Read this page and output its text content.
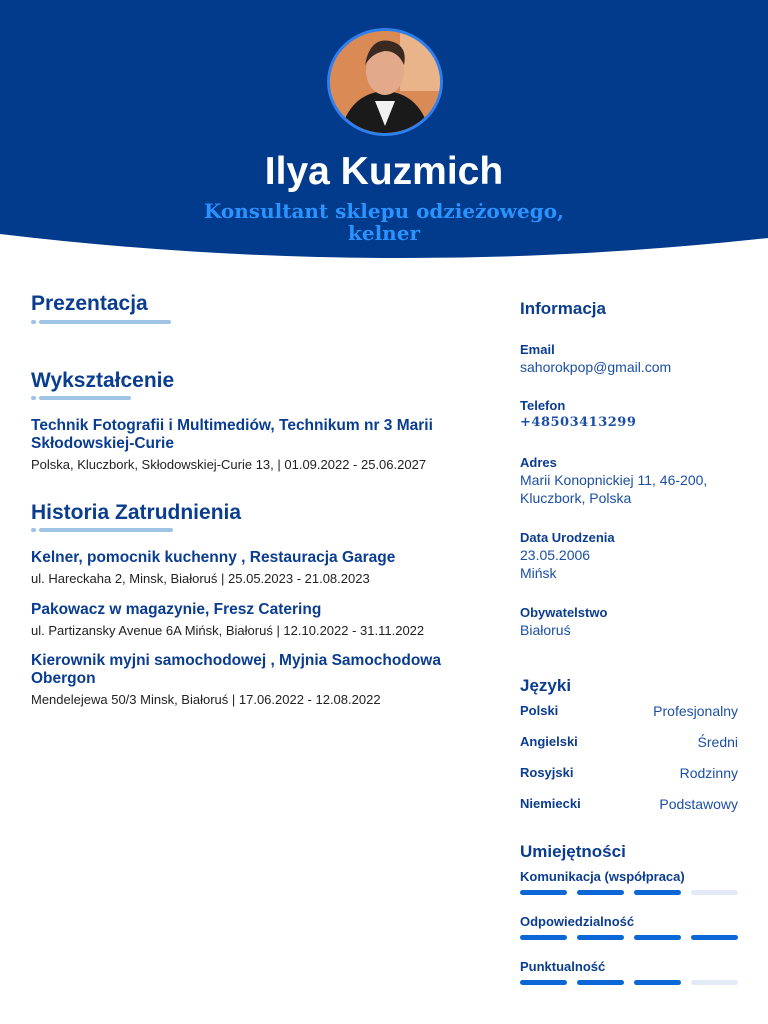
Ilya Kuzmich
Konsultant sklepu odzieżowego, kelner
Prezentacja
Wykształcenie
Technik Fotografii i Multimediów, Technikum nr 3 Marii Skłodowskiej-Curie
Polska, Kluczbork, Skłodowskiej-Curie 13, | 01.09.2022 - 25.06.2027
Historia Zatrudnienia
Kelner, pomocnik kuchenny , Restauracja Garage
ul. Hareckaha 2, Minsk, Białoruś | 25.05.2023 - 21.08.2023
Pakowacz w magazynie, Fresz Catering
ul. Partizansky Avenue 6A Mińsk, Białoruś | 12.10.2022 - 31.11.2022
Kierownik myjni samochodowej , Myjnia Samochodowa Obergon
Mendelejewa 50/3 Minsk, Białoruś | 17.06.2022 - 12.08.2022
Informacja
Email
sahorokpop@gmail.com
Telefon
+48503413299
Adres
Marii Konopnickiej 11, 46-200, Kluczbork, Polska
Data Urodzenia
23.05.2006
Mińsk
Obywatelstwo
Białoruś
Języki
Polski	Profesjonalny
Angielski	Średni
Rosyjski	Rodzinny
Niemiecki	Podstawowy
Umiejętności
Komunikacja (współpraca)
Odpowiedzialność
Punktualność
